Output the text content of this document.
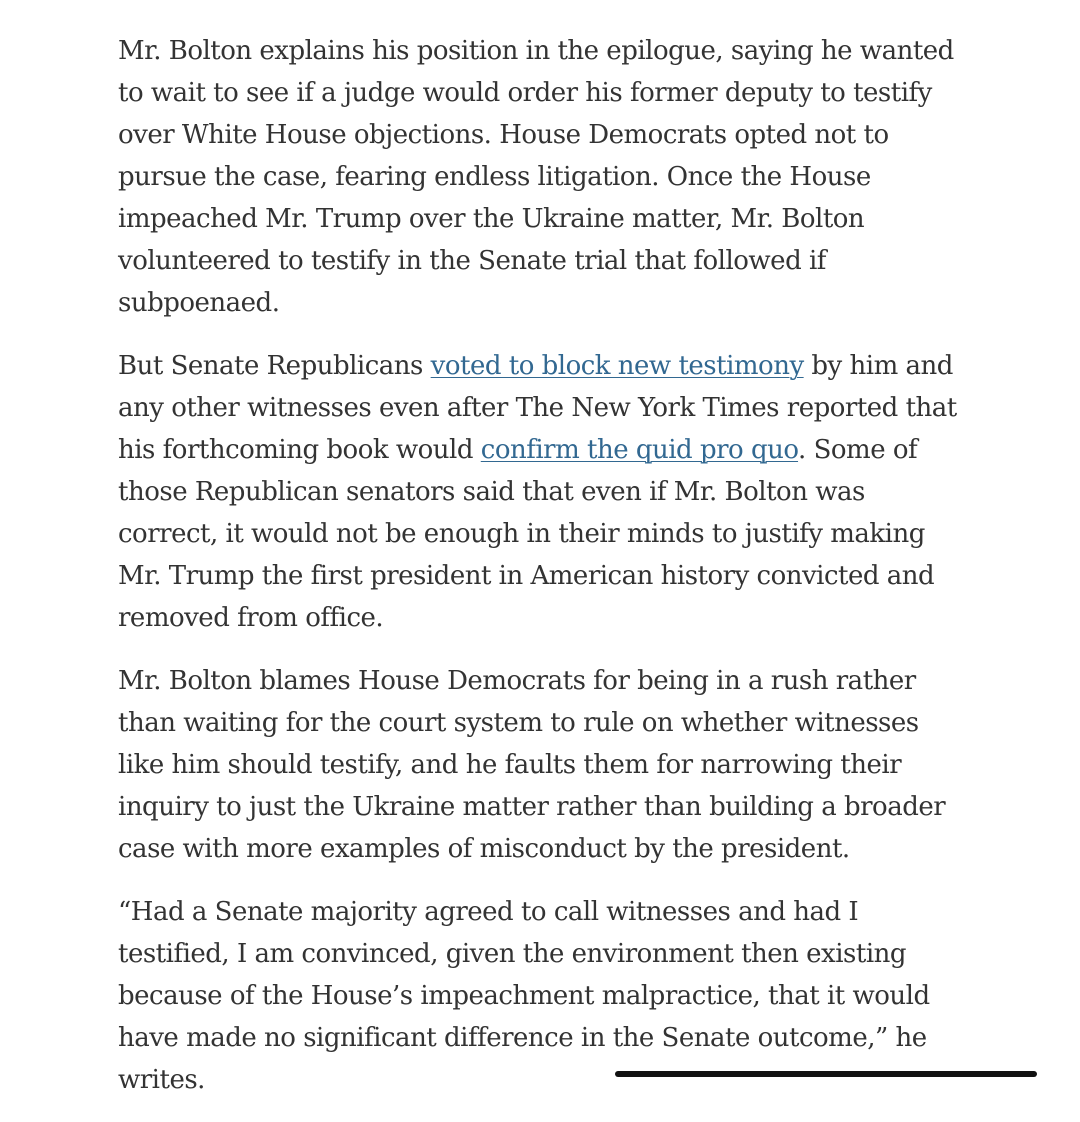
Mr. Bolton explains his position in the epilogue, saying he wanted to wait to see if a judge would order his former deputy to testify over White House objections. House Democrats opted not to pursue the case, fearing endless litigation. Once the House impeached Mr. Trump over the Ukraine matter, Mr. Bolton volunteered to testify in the Senate trial that followed if subpoenaed.

But Senate Republicans voted to block new testimony by him and any other witnesses even after The New York Times reported that his forthcoming book would confirm the quid pro quo. Some of those Republican senators said that even if Mr. Bolton was correct, it would not be enough in their minds to justify making Mr. Trump the first president in American history convicted and removed from office.

Mr. Bolton blames House Democrats for being in a rush rather than waiting for the court system to rule on whether witnesses like him should testify, and he faults them for narrowing their inquiry to just the Ukraine matter rather than building a broader case with more examples of misconduct by the president.

“Had a Senate majority agreed to call witnesses and had I testified, I am convinced, given the environment then existing because of the House’s impeachment malpractice, that it would have made no significant difference in the Senate outcome,” he writes.
